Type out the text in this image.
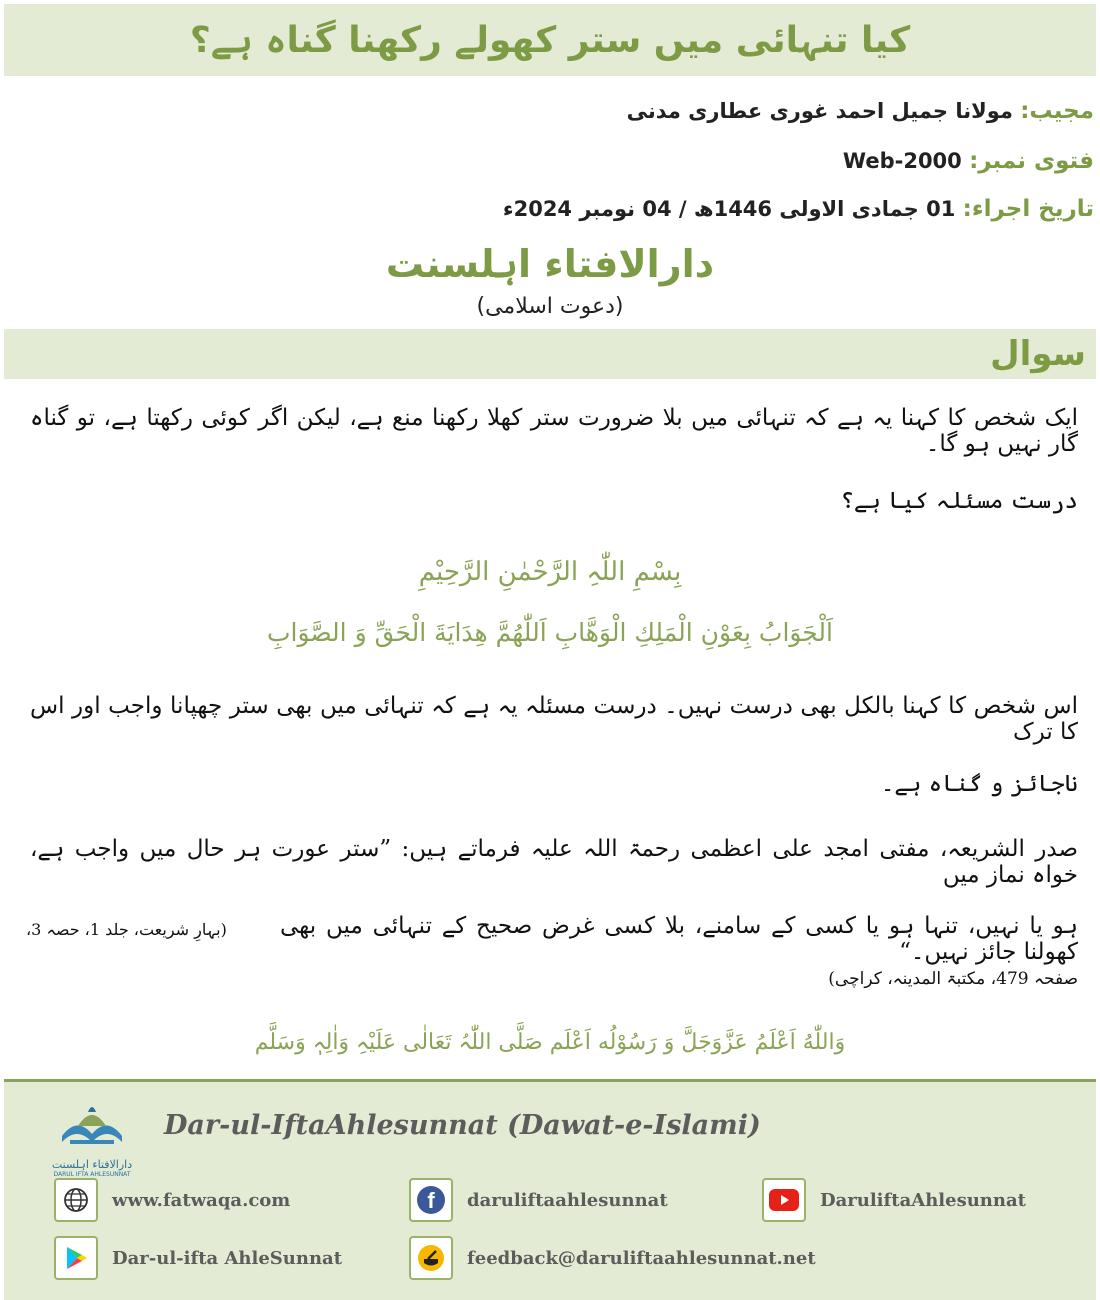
کیا تنہائی میں ستر کھولے رکھنا گناہ ہے؟
مجیب: مولانا جمیل احمد غوری عطاری مدنی
فتوی نمبر: Web-2000
تاریخ اجراء: 01 جمادی الاولی 1446ھ / 04 نومبر 2024ء
دارالافتاء اہلسنت
(دعوت اسلامی)
سوال
ایک شخص کا کہنا یہ ہے کہ تنہائی میں بلا ضرورت ستر کھلا رکھنا منع ہے، لیکن اگر کوئی رکھتا ہے، تو گناہ گار نہیں ہو گا۔
درست مسئلہ کیا ہے؟
بِسْمِ اللّٰہِ الرَّحْمٰنِ الرَّحِیْمِ
اَلْجَوَابُ بِعَوْنِ الْمَلِكِ الْوَهَّابِ اَللّٰهُمَّ هِدَايَةَ الْحَقِّ وَ الصَّوَابِ
اس شخص کا کہنا بالکل بھی درست نہیں۔ درست مسئلہ یہ ہے کہ تنہائی میں بھی ستر چھپانا واجب اور اس کا ترک
ناجائز و گناہ ہے۔
صدر الشریعہ، مفتی امجد علی اعظمی رحمۃ اللہ علیہ فرماتے ہیں: ”ستر عورت ہر حال میں واجب ہے، خواہ نماز میں
ہو یا نہیں، تنہا ہو یا کسی کے سامنے، بلا کسی غرض صحیح کے تنہائی میں بھی کھولنا جائز نہیں۔“
(بہارِ شریعت، جلد 1، حصہ 3،
صفحہ 479، مکتبۃ المدینہ، کراچی)
وَاللّٰهُ اَعْلَمُ عَزَّوَجَلَّ وَ رَسُوْلُه اَعْلَم صَلَّی اللّٰہُ تَعَالٰی عَلَیْہِ وَاٰلِہٖ وَسَلَّم
دارالافتاء اہلسنت
DARUL IFTA AHLESUNNAT
Dar-ul-IftaAhlesunnat (Dawat-e-Islami)
www.fatwaqa.com	f daruliftaahlesunnat	DaruliftaAhlesunnat
Dar-ul-ifta AhleSunnat	feedback@daruliftaahlesunnat.net
